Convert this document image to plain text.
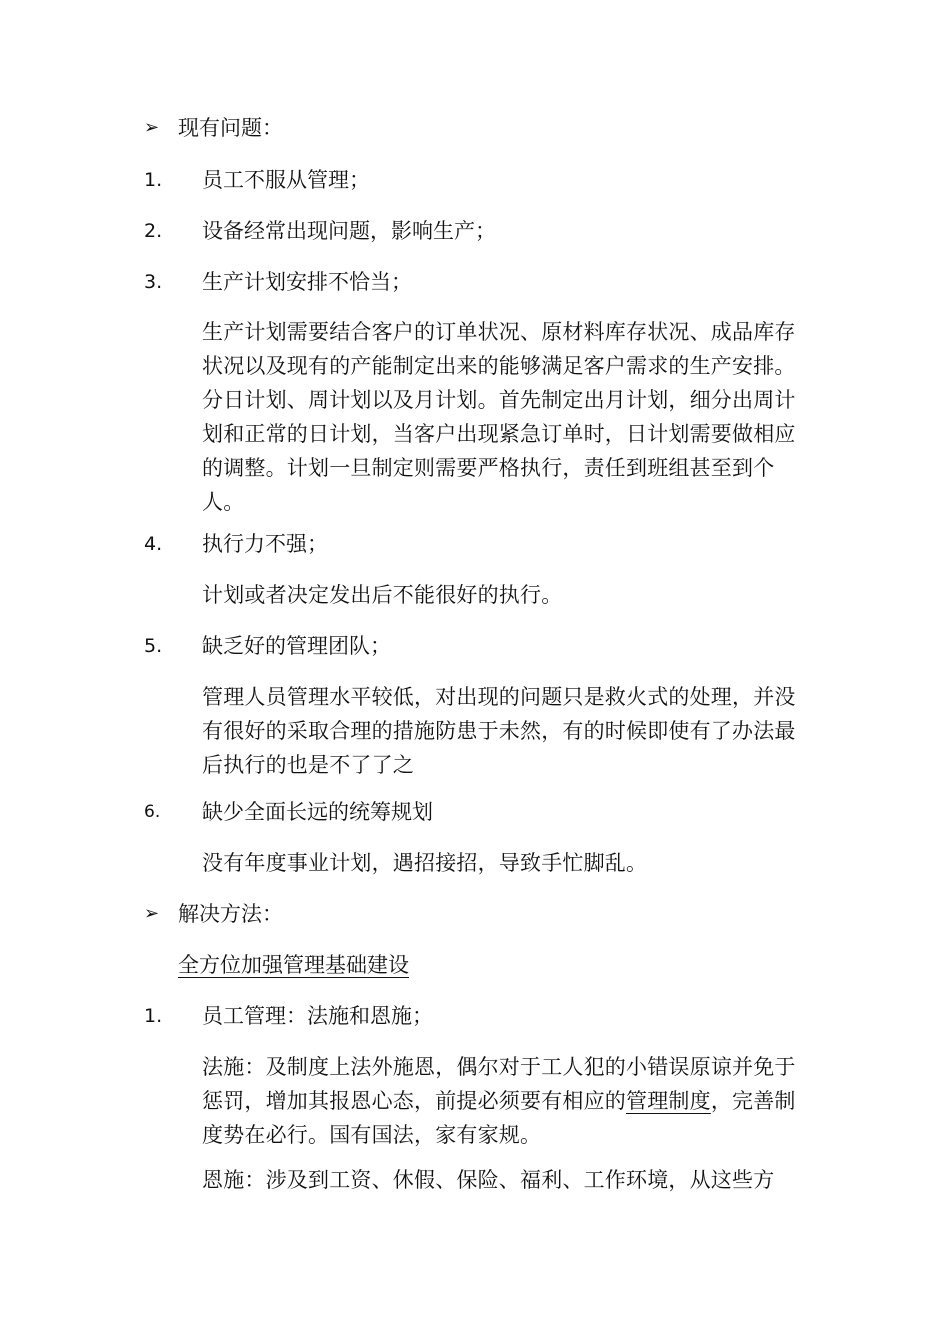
➢ 现有问题：
1. 员工不服从管理；
2. 设备经常出现问题，影响生产；
3. 生产计划安排不恰当；
生产计划需要结合客户的订单状况、原材料库存状况、成品库存状况以及现有的产能制定出来的能够满足客户需求的生产安排。分日计划、周计划以及月计划。首先制定出月计划，细分出周计划和正常的日计划，当客户出现紧急订单时，日计划需要做相应的调整。计划一旦制定则需要严格执行，责任到班组甚至到个人。
4. 执行力不强；
计划或者决定发出后不能很好的执行。
5. 缺乏好的管理团队；
管理人员管理水平较低，对出现的问题只是救火式的处理，并没有很好的采取合理的措施防患于未然，有的时候即使有了办法最后执行的也是不了了之
6. 缺少全面长远的统筹规划
没有年度事业计划，遇招接招，导致手忙脚乱。
➢ 解决方法：
全方位加强管理基础建设
1. 员工管理：法施和恩施；
法施：及制度上法外施恩，偶尔对于工人犯的小错误原谅并免于惩罚，增加其报恩心态，前提必须要有相应的管理制度，完善制度势在必行。国有国法，家有家规。
恩施：涉及到工资、休假、保险、福利、工作环境，从这些方
